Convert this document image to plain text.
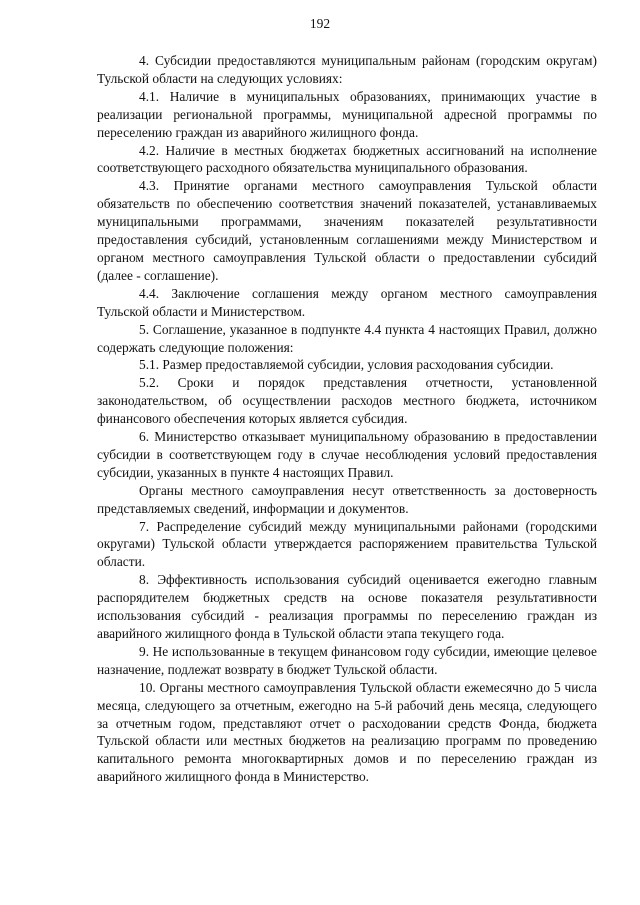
192

4. Субсидии предоставляются муниципальным районам (городским округам) Тульской области на следующих условиях:

4.1. Наличие в муниципальных образованиях, принимающих участие в реализации региональной программы, муниципальной адресной программы по переселению граждан из аварийного жилищного фонда.

4.2. Наличие в местных бюджетах бюджетных ассигнований на исполнение соответствующего расходного обязательства муниципального образования.

4.3. Принятие органами местного самоуправления Тульской области обязательств по обеспечению соответствия значений показателей, устанавливаемых муниципальными программами, значениям показателей результативности предоставления субсидий, установленным соглашениями между Министерством и органом местного самоуправления Тульской области о предоставлении субсидий (далее - соглашение).

4.4. Заключение соглашения между органом местного самоуправления Тульской области и Министерством.

5. Соглашение, указанное в подпункте 4.4 пункта 4 настоящих Правил, должно содержать следующие положения:

5.1. Размер предоставляемой субсидии, условия расходования субсидии.

5.2. Сроки и порядок представления отчетности, установленной законодательством, об осуществлении расходов местного бюджета, источником финансового обеспечения которых является субсидия.

6. Министерство отказывает муниципальному образованию в предоставлении субсидии в соответствующем году в случае несоблюдения условий предоставления субсидии, указанных в пункте 4 настоящих Правил.

Органы местного самоуправления несут ответственность за достоверность представляемых сведений, информации и документов.

7. Распределение субсидий между муниципальными районами (городскими округами) Тульской области утверждается распоряжением правительства Тульской области.

8. Эффективность использования субсидий оценивается ежегодно главным распорядителем бюджетных средств на основе показателя результативности использования субсидий - реализация программы по переселению граждан из аварийного жилищного фонда в Тульской области этапа текущего года.

9. Не использованные в текущем финансовом году субсидии, имеющие целевое назначение, подлежат возврату в бюджет Тульской области.

10. Органы местного самоуправления Тульской области ежемесячно до 5 числа месяца, следующего за отчетным, ежегодно на 5-й рабочий день месяца, следующего за отчетным годом, представляют отчет о расходовании средств Фонда, бюджета Тульской области или местных бюджетов на реализацию программ по проведению капитального ремонта многоквартирных домов и по переселению граждан из аварийного жилищного фонда в Министерство.
